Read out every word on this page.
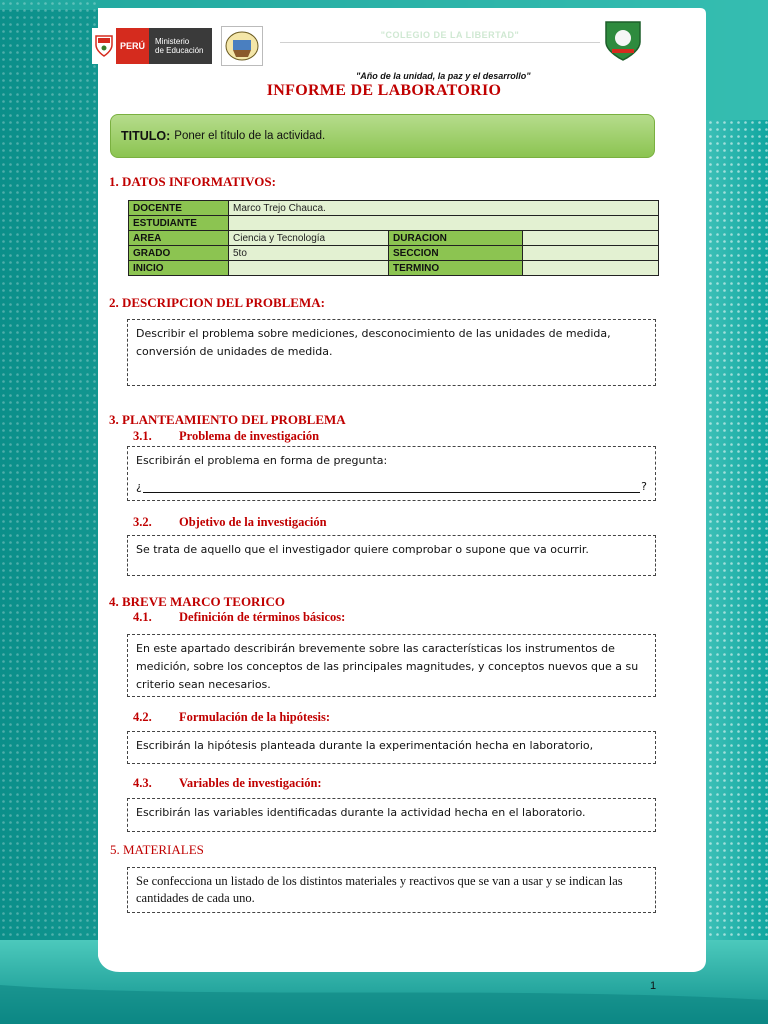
PERÚ	Ministerio
de Educación
"COLEGIO DE LA LIBERTAD"
"Año de la unidad, la paz y el desarrollo"
INFORME DE LABORATORIO
TITULO: Poner el título de la actividad.
1. DATOS INFORMATIVOS:
DOCENTE	Marco Trejo Chauca.		
ESTUDIANTE			
AREA	Ciencia y Tecnología	DURACION	
GRADO	5to	SECCION	
INICIO		TERMINO	
2. DESCRIPCION DEL PROBLEMA:
Describir el problema sobre mediciones, desconocimiento de las unidades de medida, conversión de unidades de medida.
3. PLANTEAMIENTO DEL PROBLEMA
3.1. Problema de investigación
Escribirán el problema en forma de pregunta:
¿	?
3.2. Objetivo de la investigación
Se trata de aquello que el investigador quiere comprobar o supone que va ocurrir.
4. BREVE MARCO TEORICO
4.1. Definición de términos básicos:
En este apartado describirán brevemente sobre las características los instrumentos de medición, sobre los conceptos de las principales magnitudes, y conceptos nuevos que a su criterio sean necesarios.
4.2. Formulación de la hipótesis:
Escribirán la hipótesis planteada durante la experimentación hecha en laboratorio,
4.3. Variables de investigación:
Escribirán las variables identificadas durante la actividad hecha en el laboratorio.
5. MATERIALES
Se confecciona un listado de los distintos materiales y reactivos que se van a usar y se indican las cantidades de cada uno.
1
